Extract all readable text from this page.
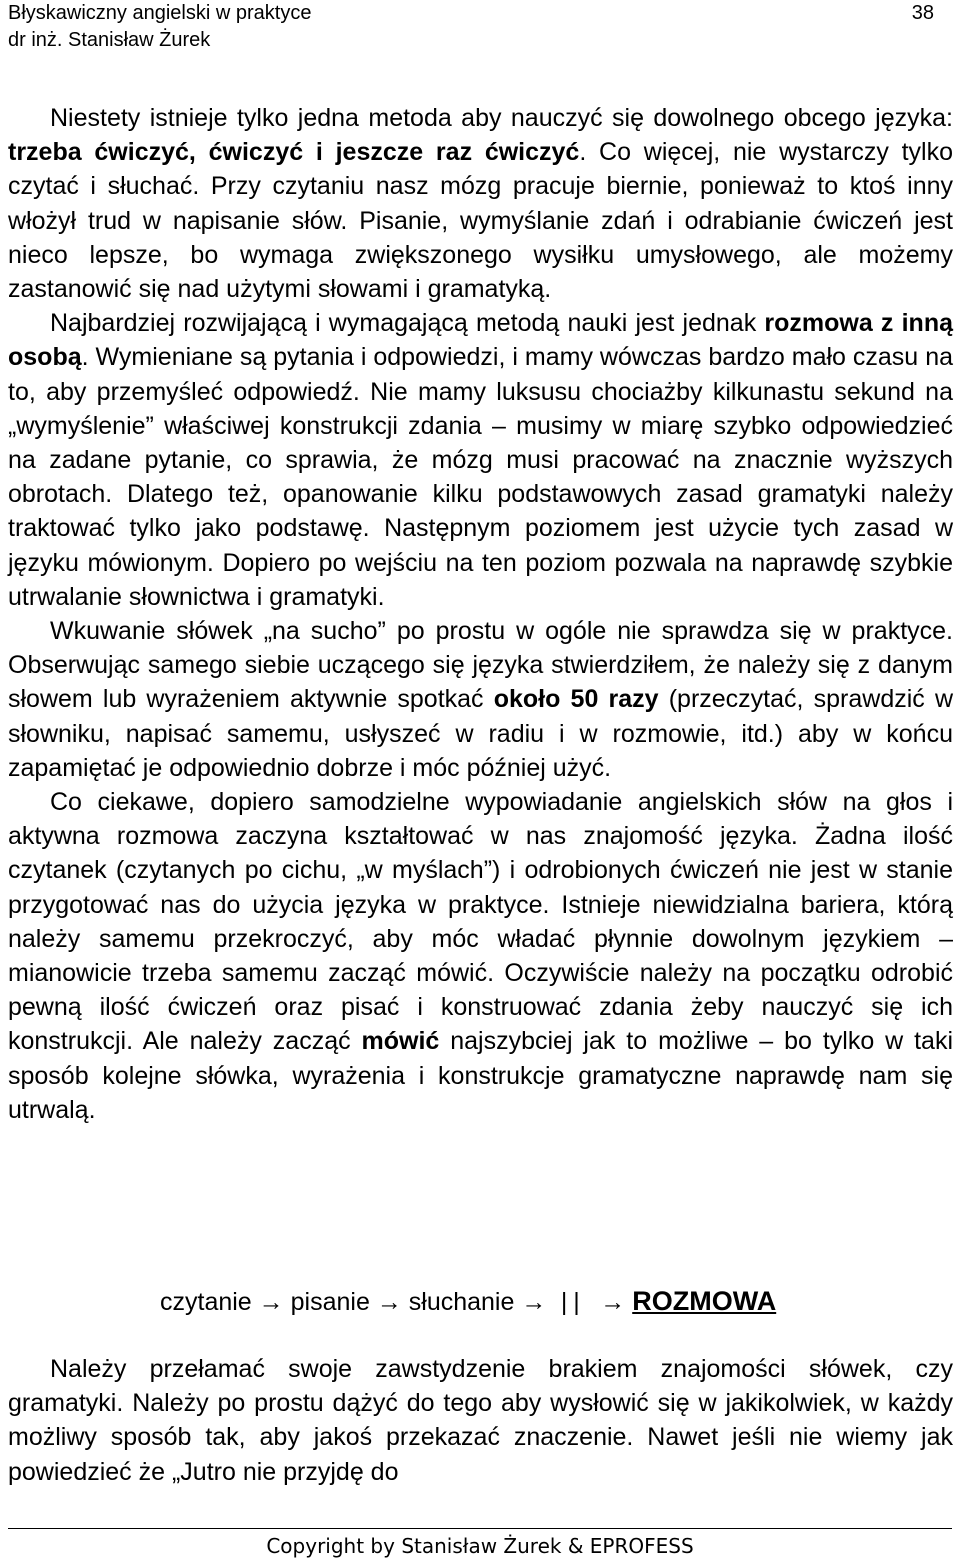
Błyskawiczny angielski w praktyce
dr inż. Stanisław Żurek
38

Niestety istnieje tylko jedna metoda aby nauczyć się dowolnego obcego języka: trzeba ćwiczyć, ćwiczyć i jeszcze raz ćwiczyć. Co więcej, nie wystarczy tylko czytać i słuchać. Przy czytaniu nasz mózg pracuje biernie, ponieważ to ktoś inny włożył trud w napisanie słów. Pisanie, wymyślanie zdań i odrabianie ćwiczeń jest nieco lepsze, bo wymaga zwiększonego wysiłku umysłowego, ale możemy zastanowić się nad użytymi słowami i gramatyką.

Najbardziej rozwijającą i wymagającą metodą nauki jest jednak rozmowa z inną osobą. Wymieniane są pytania i odpowiedzi, i mamy wówczas bardzo mało czasu na to, aby przemyśleć odpowiedź. Nie mamy luksusu chociażby kilkunastu sekund na „wymyślenie” właściwej konstrukcji zdania – musimy w miarę szybko odpowiedzieć na zadane pytanie, co sprawia, że mózg musi pracować na znacznie wyższych obrotach. Dlatego też, opanowanie kilku podstawowych zasad gramatyki należy traktować tylko jako podstawę. Następnym poziomem jest użycie tych zasad w języku mówionym. Dopiero po wejściu na ten poziom pozwala na naprawdę szybkie utrwalanie słownictwa i gramatyki.

Wkuwanie słówek „na sucho” po prostu w ogóle nie sprawdza się w praktyce. Obserwując samego siebie uczącego się języka stwierdziłem, że należy się z danym słowem lub wyrażeniem aktywnie spotkać około 50 razy (przeczytać, sprawdzić w słowniku, napisać samemu, usłyszeć w radiu i w rozmowie, itd.) aby w końcu zapamiętać je odpowiednio dobrze i móc później użyć.

Co ciekawe, dopiero samodzielne wypowiadanie angielskich słów na głos i aktywna rozmowa zaczyna kształtować w nas znajomość języka. Żadna ilość czytanek (czytanych po cichu, „w myślach”) i odrobionych ćwiczeń nie jest w stanie przygotować nas do użycia języka w praktyce. Istnieje niewidzialna bariera, którą należy samemu przekroczyć, aby móc władać płynnie dowolnym językiem – mianowicie trzeba samemu zacząć mówić. Oczywiście należy na początku odrobić pewną ilość ćwiczeń oraz pisać i konstruować zdania żeby nauczyć się ich konstrukcji. Ale należy zacząć mówić najszybciej jak to możliwe – bo tylko w taki sposób kolejne słówka, wyrażenia i konstrukcje gramatyczne naprawdę nam się utrwalą.

czytanie → pisanie → słuchanie → || → ROZMOWA

Należy przełamać swoje zawstydzenie brakiem znajomości słówek, czy gramatyki. Należy po prostu dążyć do tego aby wysłowić się w jakikolwiek, w każdy możliwy sposób tak, aby jakoś przekazać znaczenie. Nawet jeśli nie wiemy jak powiedzieć że „Jutro nie przyjdę do

Copyright by Stanisław Żurek & EPROFESS
